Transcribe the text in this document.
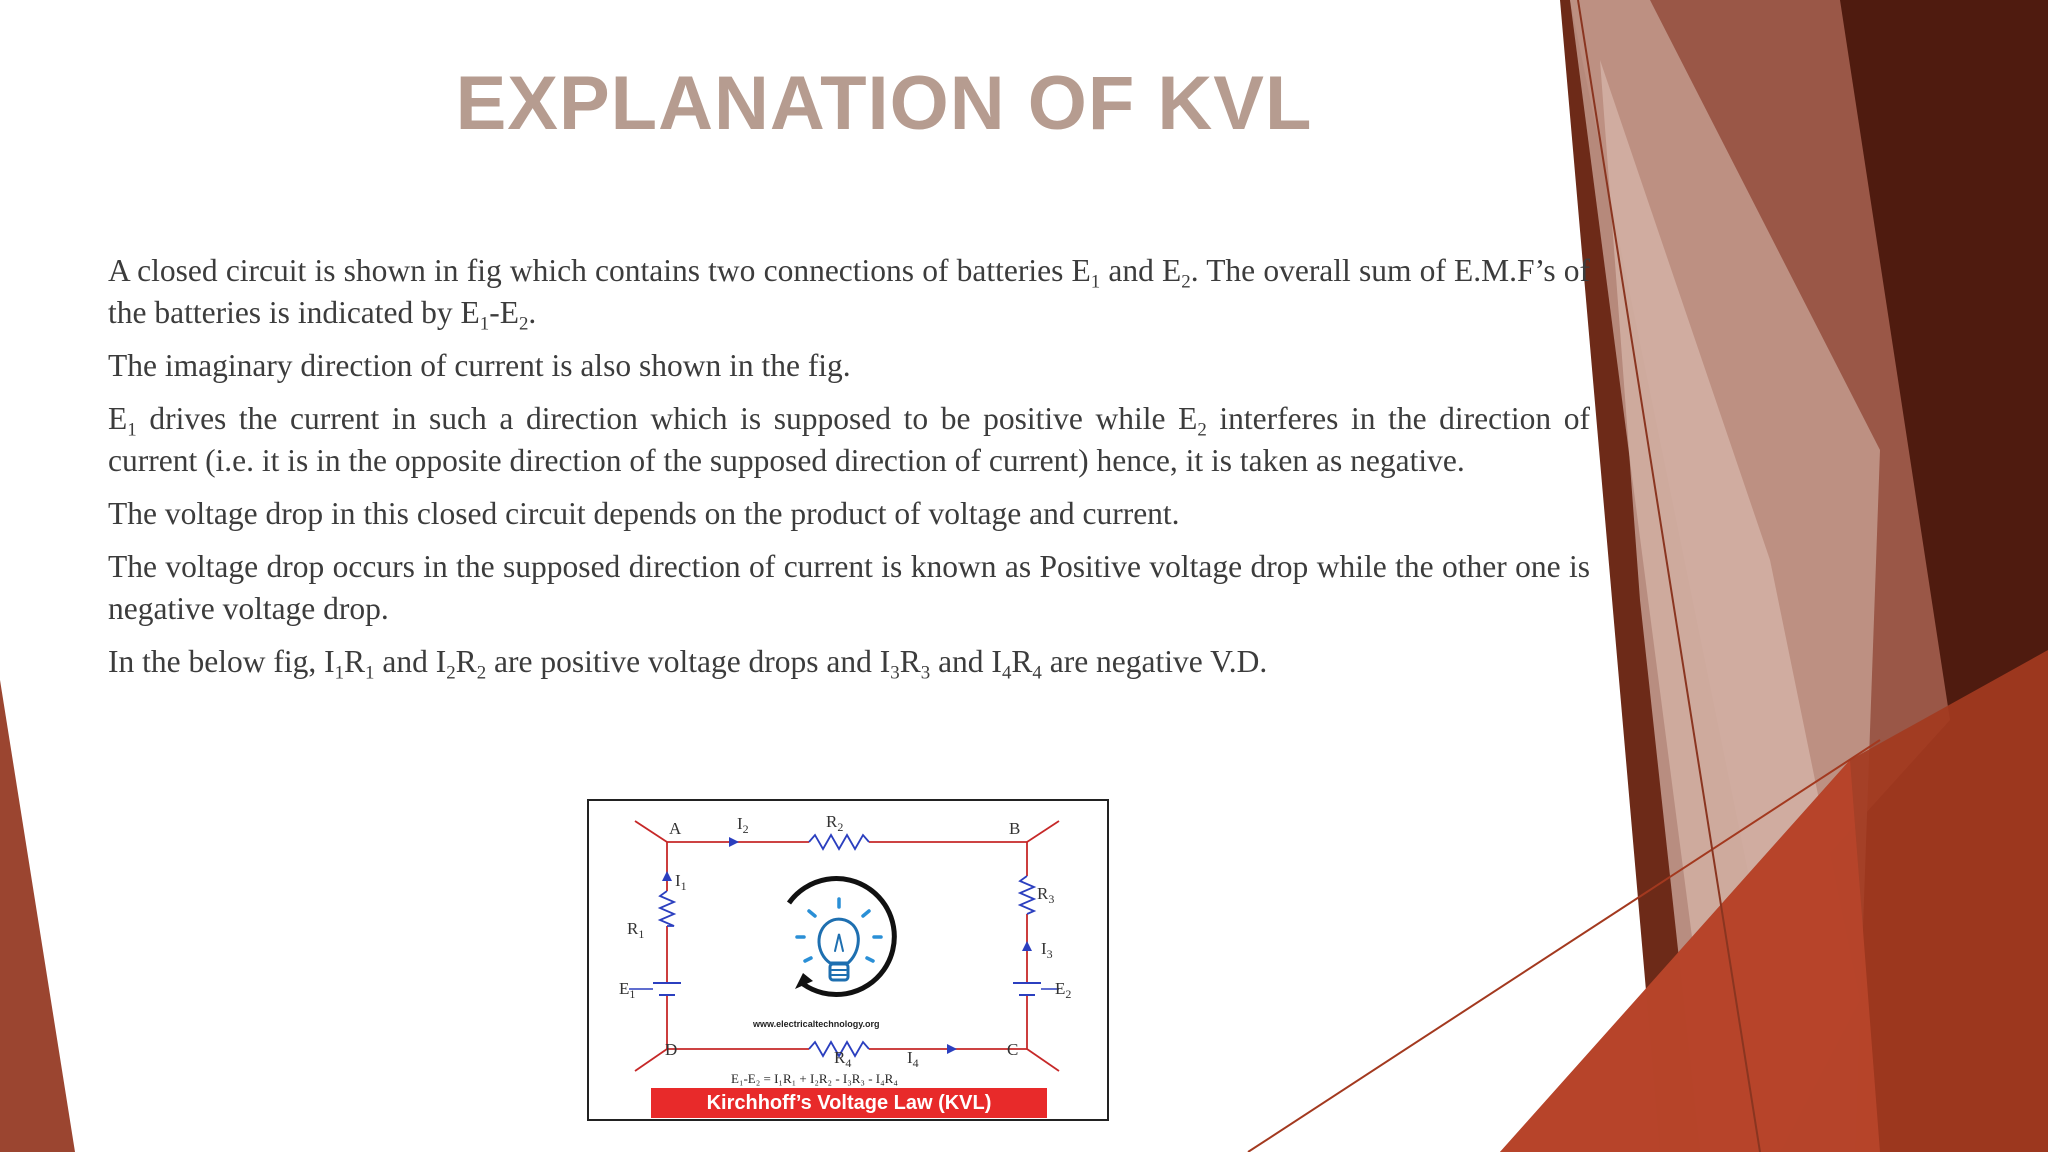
EXPLANATION OF KVL

A closed circuit is shown in fig which contains two connections of batteries $E_1$ and $E_2$. The overall sum of E.M.F’s of the batteries is indicated by $E_1-E_2$.

The imaginary direction of current is also shown in the fig.

$E_1$ drives the current in such a direction which is supposed to be positive while $E_2$ interferes in the direction of current (i.e. it is in the opposite direction of the supposed direction of current) hence, it is taken as negative.

The voltage drop in this closed circuit depends on the product of voltage and current.

The voltage drop occurs in the supposed direction of current is known as Positive voltage drop while the other one is negative voltage drop.

In the below fig, $I_1R_1$ and $I_2R_2$ are positive voltage drops and $I_3R_3$ and $I_4R_4$ are negative V.D.

A	B
C
D
$I_2$	$R_2$
$I_1$
$R_1$
$E_1$
$R_3$
$I_3$
$E_2$
$R_4$	$I_4$
www.electricaltechnology.org
E₁-E₂ = I₁R₁ + I₂R₂ - I₃R₃ - I₄R₄
Kirchhoff’s Voltage Law (KVL)
